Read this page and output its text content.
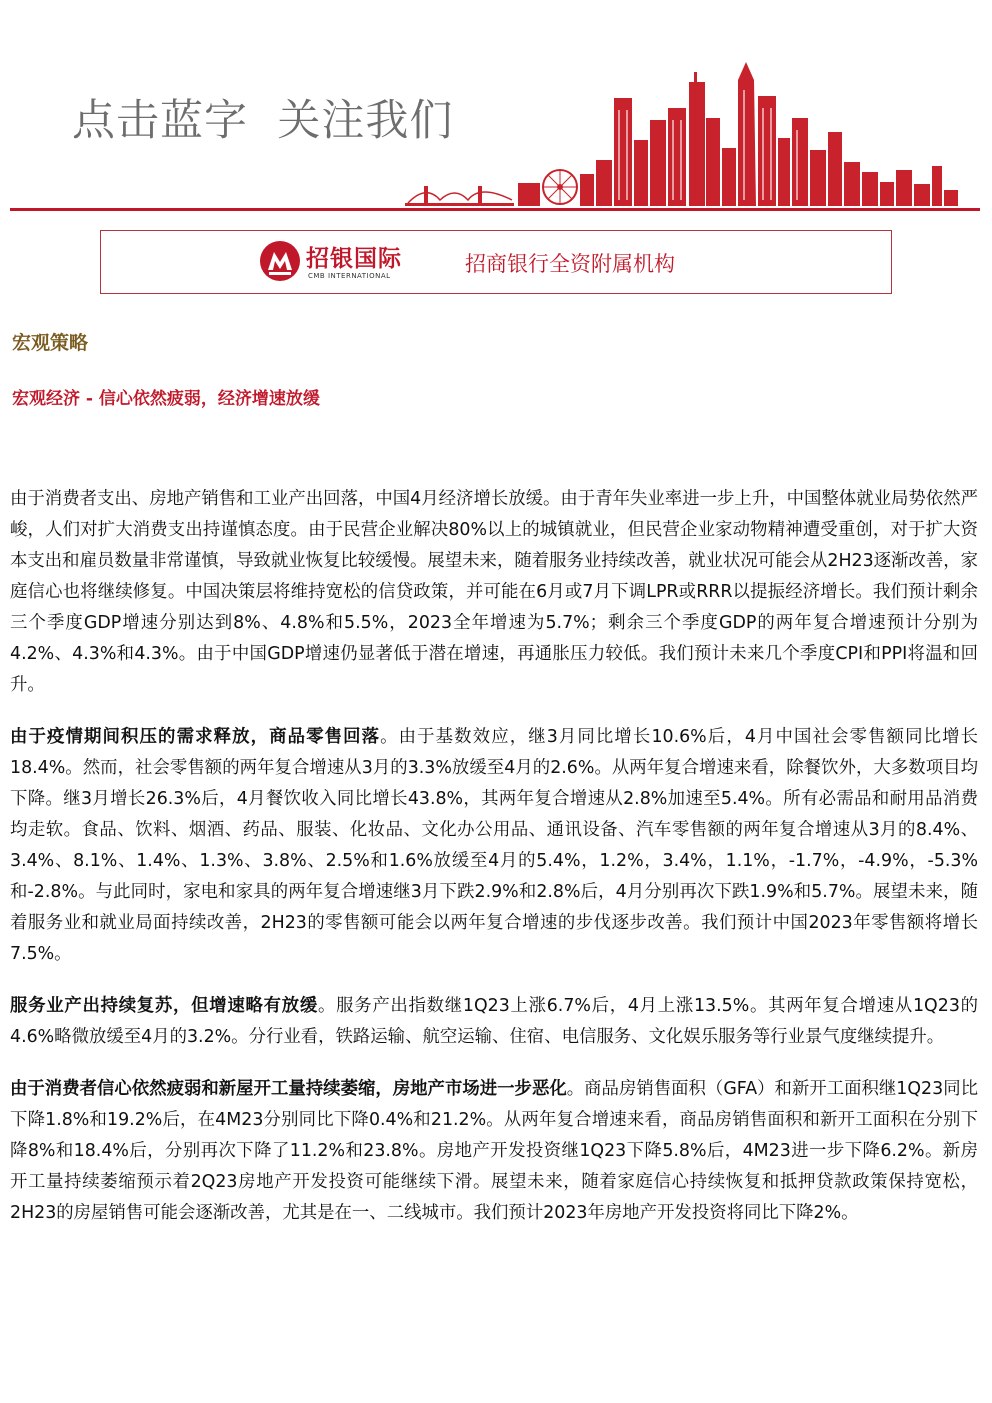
点击蓝字  关注我们
招银国际
CMB INTERNATIONAL	招商银行全资附属机构
宏观策略
宏观经济 - 信心依然疲弱，经济增速放缓

由于消费者支出、房地产销售和工业产出回落，中国4月经济增长放缓。由于青年失业率进一步上升，中国整体就业局势依然严峻，人们对扩大消费支出持谨慎态度。由于民营企业解决80%以上的城镇就业，但民营企业家动物精神遭受重创，对于扩大资本支出和雇员数量非常谨慎，导致就业恢复比较缓慢。展望未来，随着服务业持续改善，就业状况可能会从2H23逐渐改善，家庭信心也将继续修复。中国决策层将维持宽松的信贷政策，并可能在6月或7月下调LPR或RRR以提振经济增长。我们预计剩余三个季度GDP增速分别达到8%、4.8%和5.5%，2023全年增速为5.7%；剩余三个季度GDP的两年复合增速预计分别为4.2%、4.3%和4.3%。由于中国GDP增速仍显著低于潜在增速，再通胀压力较低。我们预计未来几个季度CPI和PPI将温和回升。

由于疫情期间积压的需求释放，商品零售回落。由于基数效应，继3月同比增长10.6%后，4月中国社会零售额同比增长18.4%。然而，社会零售额的两年复合增速从3月的3.3%放缓至4月的2.6%。从两年复合增速来看，除餐饮外，大多数项目均下降。继3月增长26.3%后，4月餐饮收入同比增长43.8%，其两年复合增速从2.8%加速至5.4%。所有必需品和耐用品消费均走软。食品、饮料、烟酒、药品、服装、化妆品、文化办公用品、通讯设备、汽车零售额的两年复合增速从3月的8.4%、3.4%、8.1%、1.4%、1.3%、3.8%、2.5%和1.6%放缓至4月的5.4%，1.2%，3.4%，1.1%，-1.7%，-4.9%，-5.3%和-2.8%。与此同时，家电和家具的两年复合增速继3月下跌2.9%和2.8%后，4月分别再次下跌1.9%和5.7%。展望未来，随着服务业和就业局面持续改善，2H23的零售额可能会以两年复合增速的步伐逐步改善。我们预计中国2023年零售额将增长7.5%。

服务业产出持续复苏，但增速略有放缓。服务产出指数继1Q23上涨6.7%后，4月上涨13.5%。其两年复合增速从1Q23的4.6%略微放缓至4月的3.2%。分行业看，铁路运输、航空运输、住宿、电信服务、文化娱乐服务等行业景气度继续提升。

由于消费者信心依然疲弱和新屋开工量持续萎缩，房地产市场进一步恶化。商品房销售面积（GFA）和新开工面积继1Q23同比下降1.8%和19.2%后，在4M23分别同比下降0.4%和21.2%。从两年复合增速来看，商品房销售面积和新开工面积在分别下降8%和18.4%后，分别再次下降了11.2%和23.8%。房地产开发投资继1Q23下降5.8%后，4M23进一步下降6.2%。新房开工量持续萎缩预示着2Q23房地产开发投资可能继续下滑。展望未来，随着家庭信心持续恢复和抵押贷款政策保持宽松，2H23的房屋销售可能会逐渐改善，尤其是在一、二线城市。我们预计2023年房地产开发投资将同比下降2%。
